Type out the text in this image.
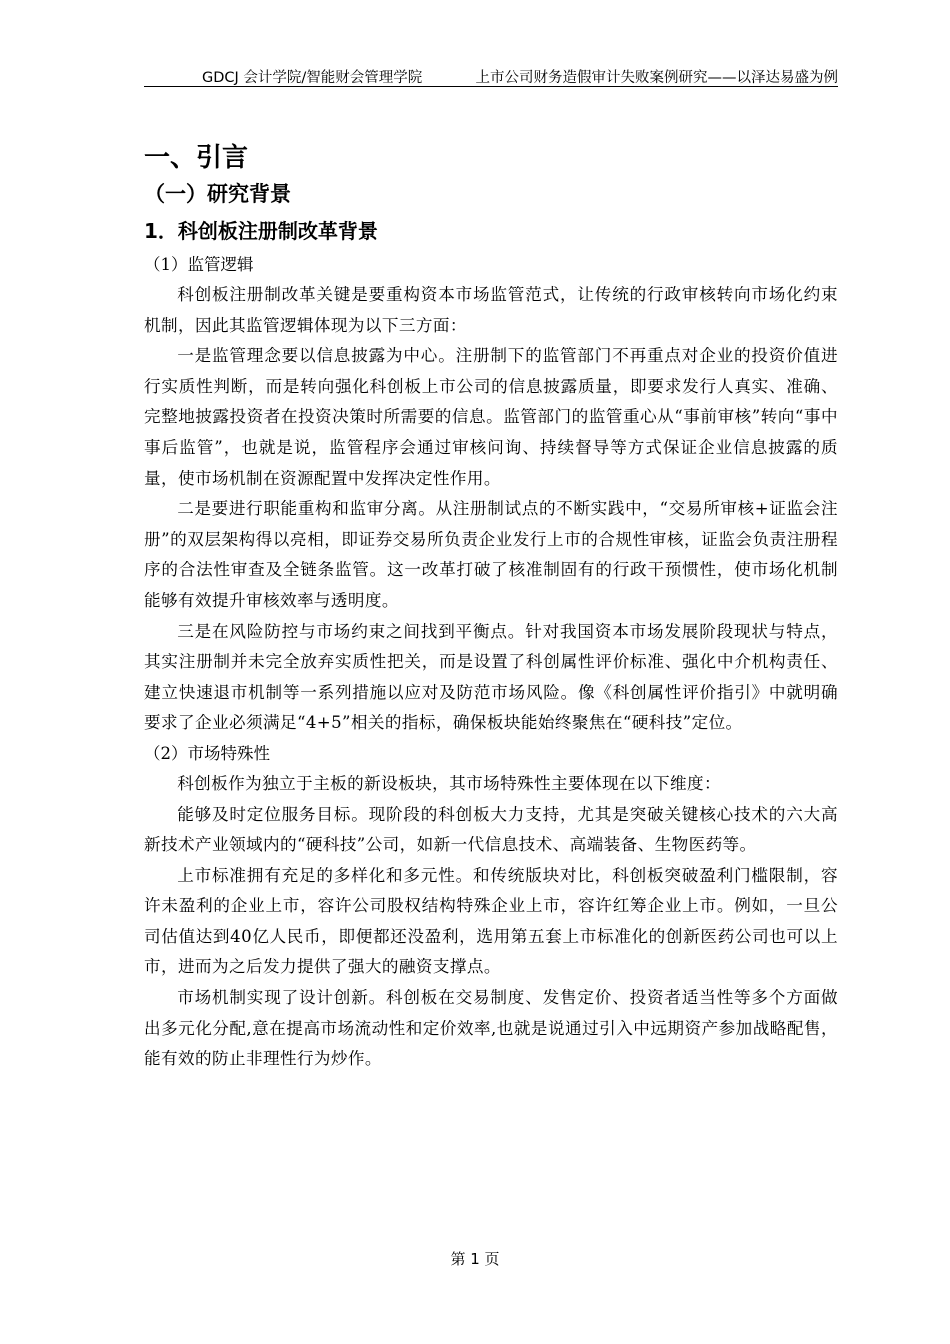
GDCJ 会计学院/智能财会管理学院	上市公司财务造假审计失败案例研究——以泽达易盛为例
一、引言
（一）研究背景
1．科创板注册制改革背景
（1）监管逻辑

科创板注册制改革关键是要重构资本市场监管范式，让传统的行政审核转向市场化约束机制，因此其监管逻辑体现为以下三方面：

一是监管理念要以信息披露为中心。注册制下的监管部门不再重点对企业的投资价值进行实质性判断，而是转向强化科创板上市公司的信息披露质量，即要求发行人真实、准确、完整地披露投资者在投资决策时所需要的信息。监管部门的监管重心从“事前审核”转向“事中事后监管”，也就是说，监管程序会通过审核问询、持续督导等方式保证企业信息披露的质量，使市场机制在资源配置中发挥决定性作用。

二是要进行职能重构和监审分离。从注册制试点的不断实践中，“交易所审核+证监会注册”的双层架构得以亮相，即证券交易所负责企业发行上市的合规性审核，证监会负责注册程序的合法性审查及全链条监管。这一改革打破了核准制固有的行政干预惯性，使市场化机制能够有效提升审核效率与透明度。

三是在风险防控与市场约束之间找到平衡点。针对我国资本市场发展阶段现状与特点，其实注册制并未完全放弃实质性把关，而是设置了科创属性评价标准、强化中介机构责任、建立快速退市机制等一系列措施以应对及防范市场风险。像《科创属性评价指引》中就明确要求了企业必须满足“4+5”相关的指标，确保板块能始终聚焦在“硬科技”定位。

（2）市场特殊性

科创板作为独立于主板的新设板块，其市场特殊性主要体现在以下维度：

能够及时定位服务目标。现阶段的科创板大力支持，尤其是突破关键核心技术的六大高新技术产业领域内的“硬科技”公司，如新一代信息技术、高端装备、生物医药等。

上市标准拥有充足的多样化和多元性。和传统版块对比，科创板突破盈利门槛限制，容许未盈利的企业上市，容许公司股权结构特殊企业上市，容许红筹企业上市。例如，一旦公司估值达到40亿人民币，即便都还没盈利，选用第五套上市标准化的创新医药公司也可以上市，进而为之后发力提供了强大的融资支撑点。

市场机制实现了设计创新。科创板在交易制度、发售定价、投资者适当性等多个方面做出多元化分配,意在提高市场流动性和定价效率,也就是说通过引入中远期资产参加战略配售，能有效的防止非理性行为炒作。

第 1 页
